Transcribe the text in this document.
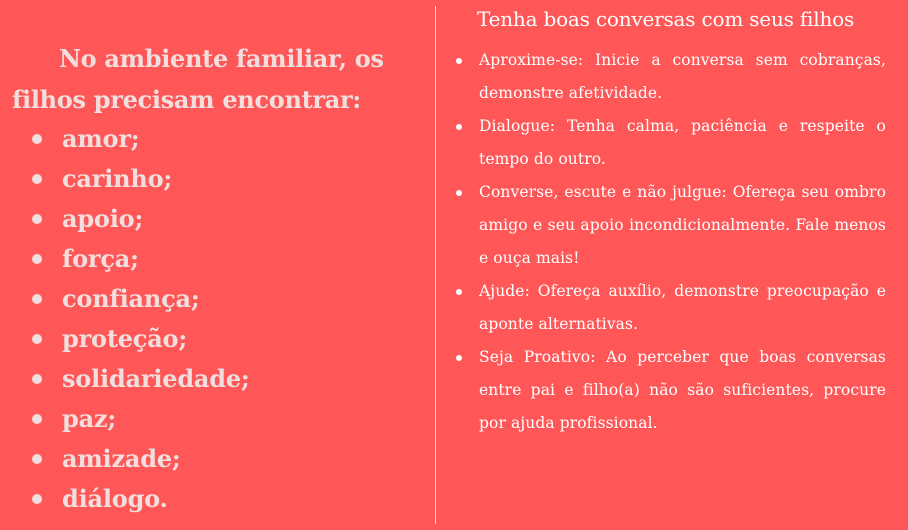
No ambiente familiar, os filhos precisam encontrar:

amor;
carinho;
apoio;
força;
confiança;
proteção;
solidariedade;
paz;
amizade;
diálogo.
Tenha boas conversas com seus filhos
Aproxime-se: Inicie a conversa sem cobranças, demonstre afetividade.
Dialogue: Tenha calma, paciência e respeite o tempo do outro.
Converse, escute e não julgue: Ofereça seu ombro amigo e seu apoio incondicionalmente. Fale menos e ouça mais!
Ajude: Ofereça auxílio, demonstre preocupação e aponte alternativas.
Seja Proativo: Ao perceber que boas conversas entre pai e filho(a) não são suficientes, procure por ajuda profissional.
